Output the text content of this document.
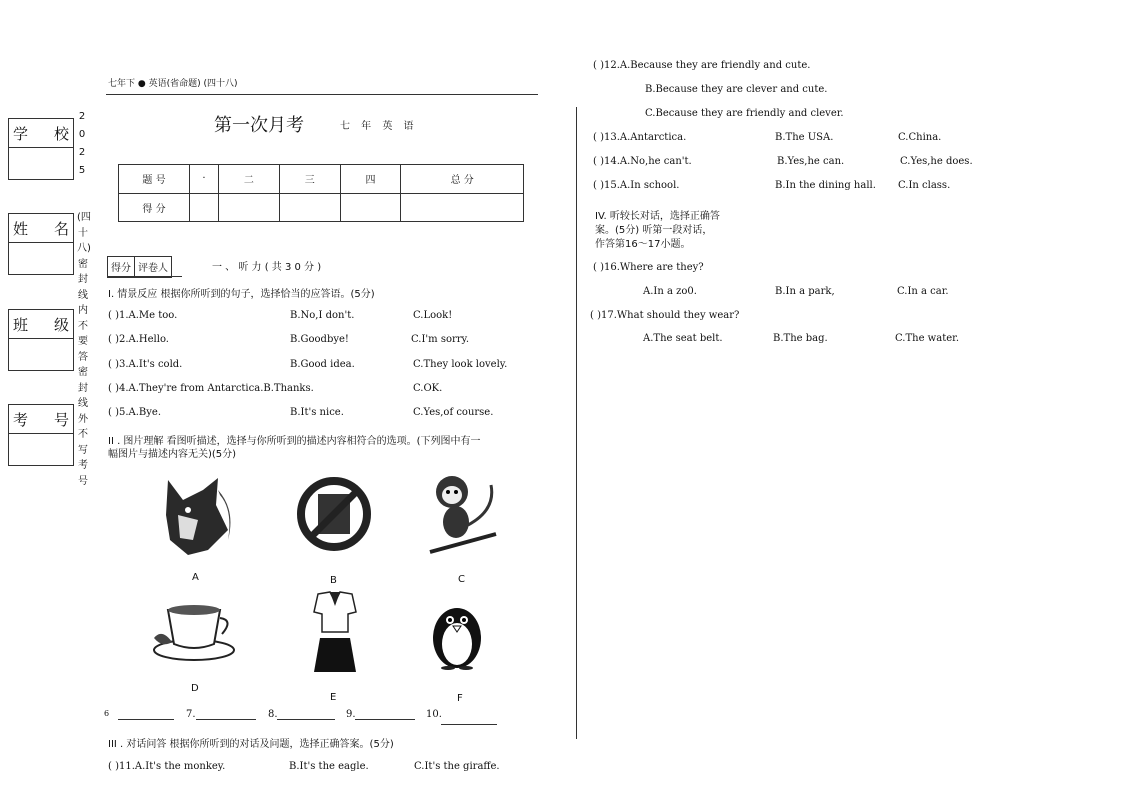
七年下 ● 英语(省命题) (四十八)
第一次月考	七 年 英 语
学 校
姓 名
班 级
考 号
2025
(四十八)密封线内不要答密封线外不写考号
题 号	·	二	三	四	总 分
得 分					
得分 评卷人	一 、 听 力 ( 共 3 0 分 )
I. 情景反应 根据你所听到的句子，选择恰当的应答语。(5分)
( )1.A.Me too.	B.No,I don't.	C.Look!
( )2.A.Hello.	B.Goodbye!	C.I'm sorry.
( )3.A.It's cold.	B.Good idea.	C.They look lovely.
( )4.A.They're from Antarctica.B.Thanks.	C.OK.
( )5.A.Bye.	B.It's nice.	C.Yes,of course.
II . 图片理解 看图听描述，选择与你所听到的描述内容相符合的选项。(下列图中有一
幅图片与描述内容无关)(5分)
A	B	C
D
E	F
6	7.	8.	9.	10.
III . 对话问答 根据你所听到的对话及问题，选择正确答案。(5分)
( )11.A.It's the monkey.	B.It's the eagle.	C.It's the giraffe.
( )12.A.Because they are friendly and cute.
B.Because they are clever and cute.
C.Because they are friendly and clever.
( )13.A.Antarctica.	B.The USA.	C.China.
( )14.A.No,he can't.	B.Yes,he can.	C.Yes,he does.
( )15.A.In school.	B.In the dining hall. C.In class.
IV. 听较长对话，选择正确答
案。(5分) 听第一段对话，
作答第16～17小题。
( )16.Where are they?
A.In a zo0.	B.In a park,	C.In a car.
( )17.What should they wear?
A.The seat belt.	B.The bag.	C.The water.
